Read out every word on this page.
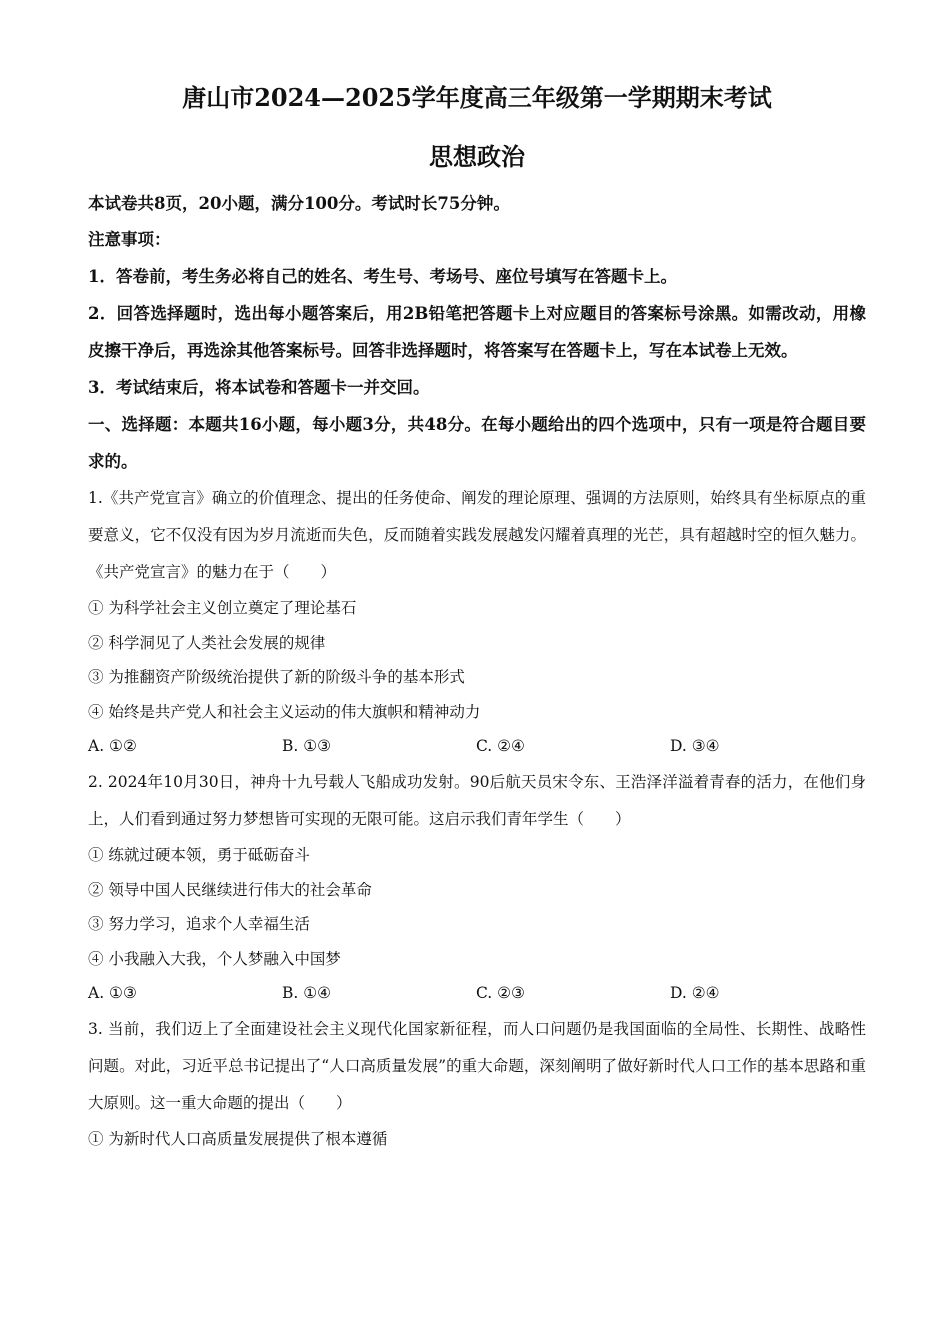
唐山市2024—2025学年度高三年级第一学期期末考试
思想政治
本试卷共8页，20小题，满分100分。考试时长75分钟。
注意事项：
1．答卷前，考生务必将自己的姓名、考生号、考场号、座位号填写在答题卡上。
2．回答选择题时，选出每小题答案后，用2B铅笔把答题卡上对应题目的答案标号涂黑。如需改动，用橡皮擦干净后，再选涂其他答案标号。回答非选择题时，将答案写在答题卡上，写在本试卷上无效。
3．考试结束后，将本试卷和答题卡一并交回。
一、选择题：本题共16小题，每小题3分，共48分。在每小题给出的四个选项中，只有一项是符合题目要求的。
1.《共产党宣言》确立的价值理念、提出的任务使命、阐发的理论原理、强调的方法原则，始终具有坐标原点的重要意义，它不仅没有因为岁月流逝而失色，反而随着实践发展越发闪耀着真理的光芒，具有超越时空的恒久魅力。《共产党宣言》的魅力在于（　　）
① 为科学社会主义创立奠定了理论基石
② 科学洞见了人类社会发展的规律
③ 为推翻资产阶级统治提供了新的阶级斗争的基本形式
④ 始终是共产党人和社会主义运动的伟大旗帜和精神动力
A. ①②	B. ①③	C. ②④	D. ③④
2. 2024年10月30日，神舟十九号载人飞船成功发射。90后航天员宋令东、王浩泽洋溢着青春的活力，在他们身上，人们看到通过努力梦想皆可实现的无限可能。这启示我们青年学生（　　）
① 练就过硬本领，勇于砥砺奋斗
② 领导中国人民继续进行伟大的社会革命
③ 努力学习，追求个人幸福生活
④ 小我融入大我，个人梦融入中国梦
A. ①③	B. ①④	C. ②③	D. ②④
3. 当前，我们迈上了全面建设社会主义现代化国家新征程，而人口问题仍是我国面临的全局性、长期性、战略性问题。对此，习近平总书记提出了“人口高质量发展”的重大命题，深刻阐明了做好新时代人口工作的基本思路和重大原则。这一重大命题的提出（　　）
① 为新时代人口高质量发展提供了根本遵循
